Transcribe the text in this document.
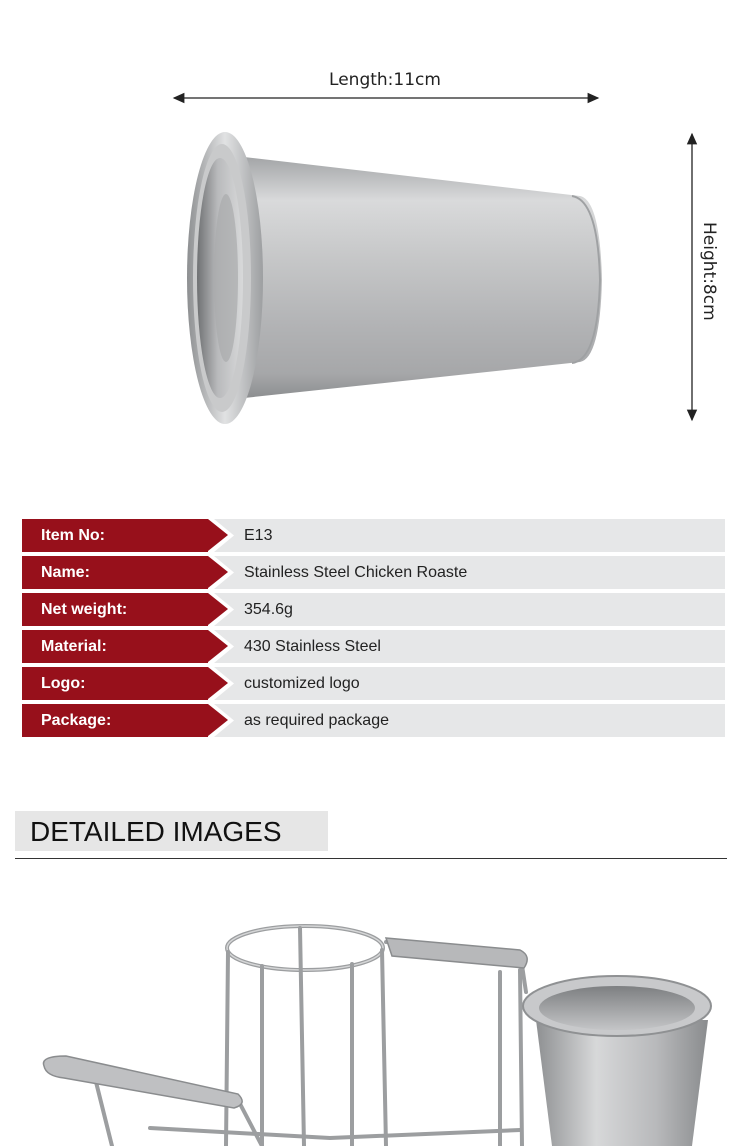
Length:11cm
Height:8cm
Item No:	E13
Name:	Stainless Steel Chicken Roaste
Net weight:	354.6g
Material:	430 Stainless Steel
Logo:	customized logo
Package:	as required package
DETAILED IMAGES
